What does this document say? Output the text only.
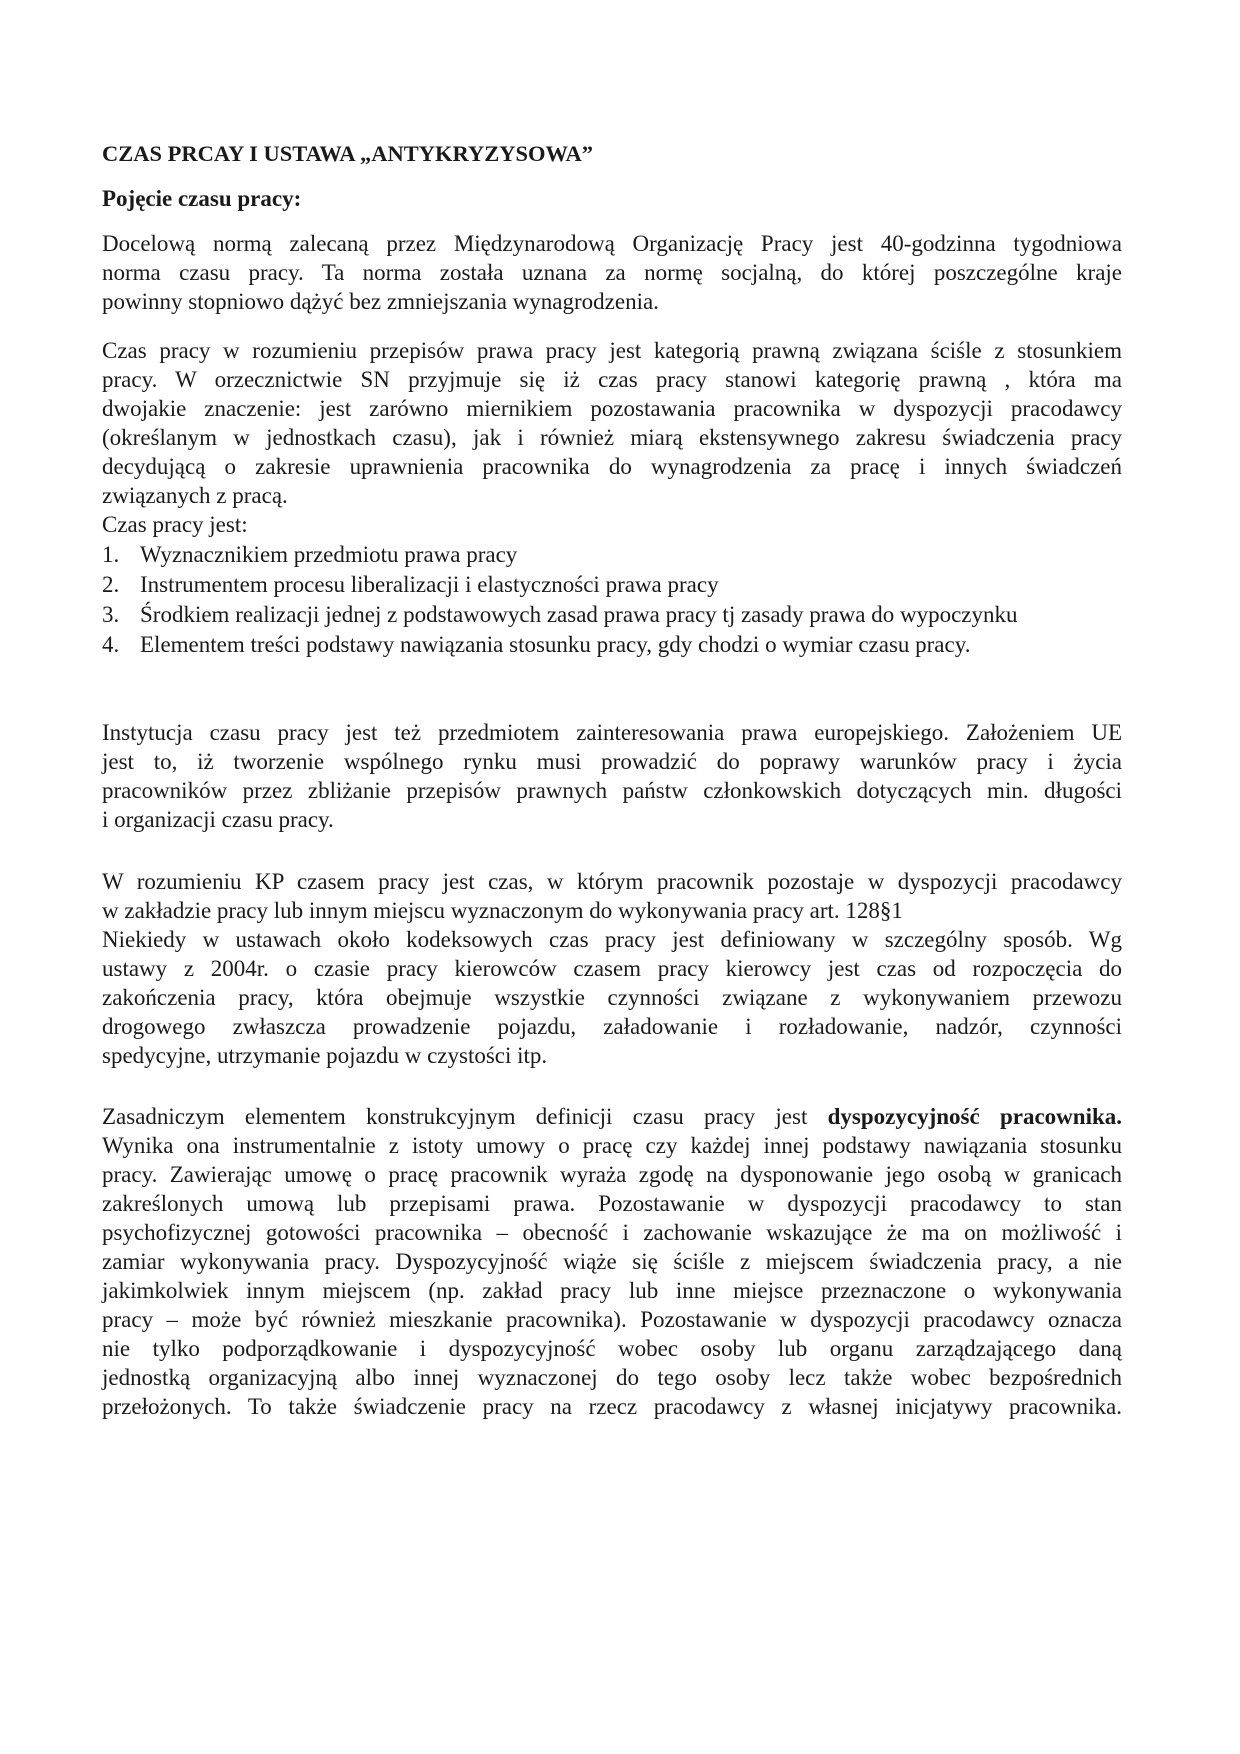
CZAS PRCAY I USTAWA „ANTYKRYZYSOWA”
Pojęcie czasu pracy:
Docelową normą zalecaną przez Międzynarodową Organizację Pracy jest 40-godzinna tygodniowa
norma czasu pracy. Ta norma została uznana za normę socjalną, do której poszczególne kraje
powinny stopniowo dążyć bez zmniejszania wynagrodzenia.
Czas pracy w rozumieniu przepisów prawa pracy jest kategorią prawną związana ściśle z stosunkiem
pracy. W orzecznictwie SN przyjmuje się iż czas pracy stanowi kategorię prawną , która ma
dwojakie znaczenie: jest zarówno miernikiem pozostawania pracownika w dyspozycji pracodawcy
(określanym w jednostkach czasu), jak i również miarą ekstensywnego zakresu świadczenia pracy
decydującą o zakresie uprawnienia pracownika do wynagrodzenia za pracę i innych świadczeń
związanych z pracą.
Czas pracy jest:
1. Wyznacznikiem przedmiotu prawa pracy
2. Instrumentem procesu liberalizacji i elastyczności prawa pracy
3. Środkiem realizacji jednej z podstawowych zasad prawa pracy tj zasady prawa do wypoczynku
4. Elementem treści podstawy nawiązania stosunku pracy, gdy chodzi o wymiar czasu pracy.
Instytucja czasu pracy jest też przedmiotem zainteresowania prawa europejskiego. Założeniem UE
jest to, iż tworzenie wspólnego rynku musi prowadzić do poprawy warunków pracy i życia
pracowników przez zbliżanie przepisów prawnych państw członkowskich dotyczących min. długości
i organizacji czasu pracy.
W rozumieniu KP czasem pracy jest czas, w którym pracownik pozostaje w dyspozycji pracodawcy
w zakładzie pracy lub innym miejscu wyznaczonym do wykonywania pracy art. 128§1
Niekiedy w ustawach około kodeksowych czas pracy jest definiowany w szczególny sposób. Wg
ustawy z 2004r. o czasie pracy kierowców czasem pracy kierowcy jest czas od rozpoczęcia do
zakończenia pracy, która obejmuje wszystkie czynności związane z wykonywaniem przewozu
drogowego zwłaszcza prowadzenie pojazdu, załadowanie i rozładowanie, nadzór, czynności
spedycyjne, utrzymanie pojazdu w czystości itp.
Zasadniczym elementem konstrukcyjnym definicji czasu pracy jest dyspozycyjność pracownika.
Wynika ona instrumentalnie z istoty umowy o pracę czy każdej innej podstawy nawiązania stosunku
pracy. Zawierając umowę o pracę pracownik wyraża zgodę na dysponowanie jego osobą w granicach
zakreślonych umową lub przepisami prawa. Pozostawanie w dyspozycji pracodawcy to stan
psychofizycznej gotowości pracownika – obecność i zachowanie wskazujące że ma on możliwość i
zamiar wykonywania pracy. Dyspozycyjność wiąże się ściśle z miejscem świadczenia pracy, a nie
jakimkolwiek innym miejscem (np. zakład pracy lub inne miejsce przeznaczone o wykonywania
pracy – może być również mieszkanie pracownika). Pozostawanie w dyspozycji pracodawcy oznacza
nie tylko podporządkowanie i dyspozycyjność wobec osoby lub organu zarządzającego daną
jednostką organizacyjną albo innej wyznaczonej do tego osoby lecz także wobec bezpośrednich
przełożonych. To także świadczenie pracy na rzecz pracodawcy z własnej inicjatywy pracownika.
